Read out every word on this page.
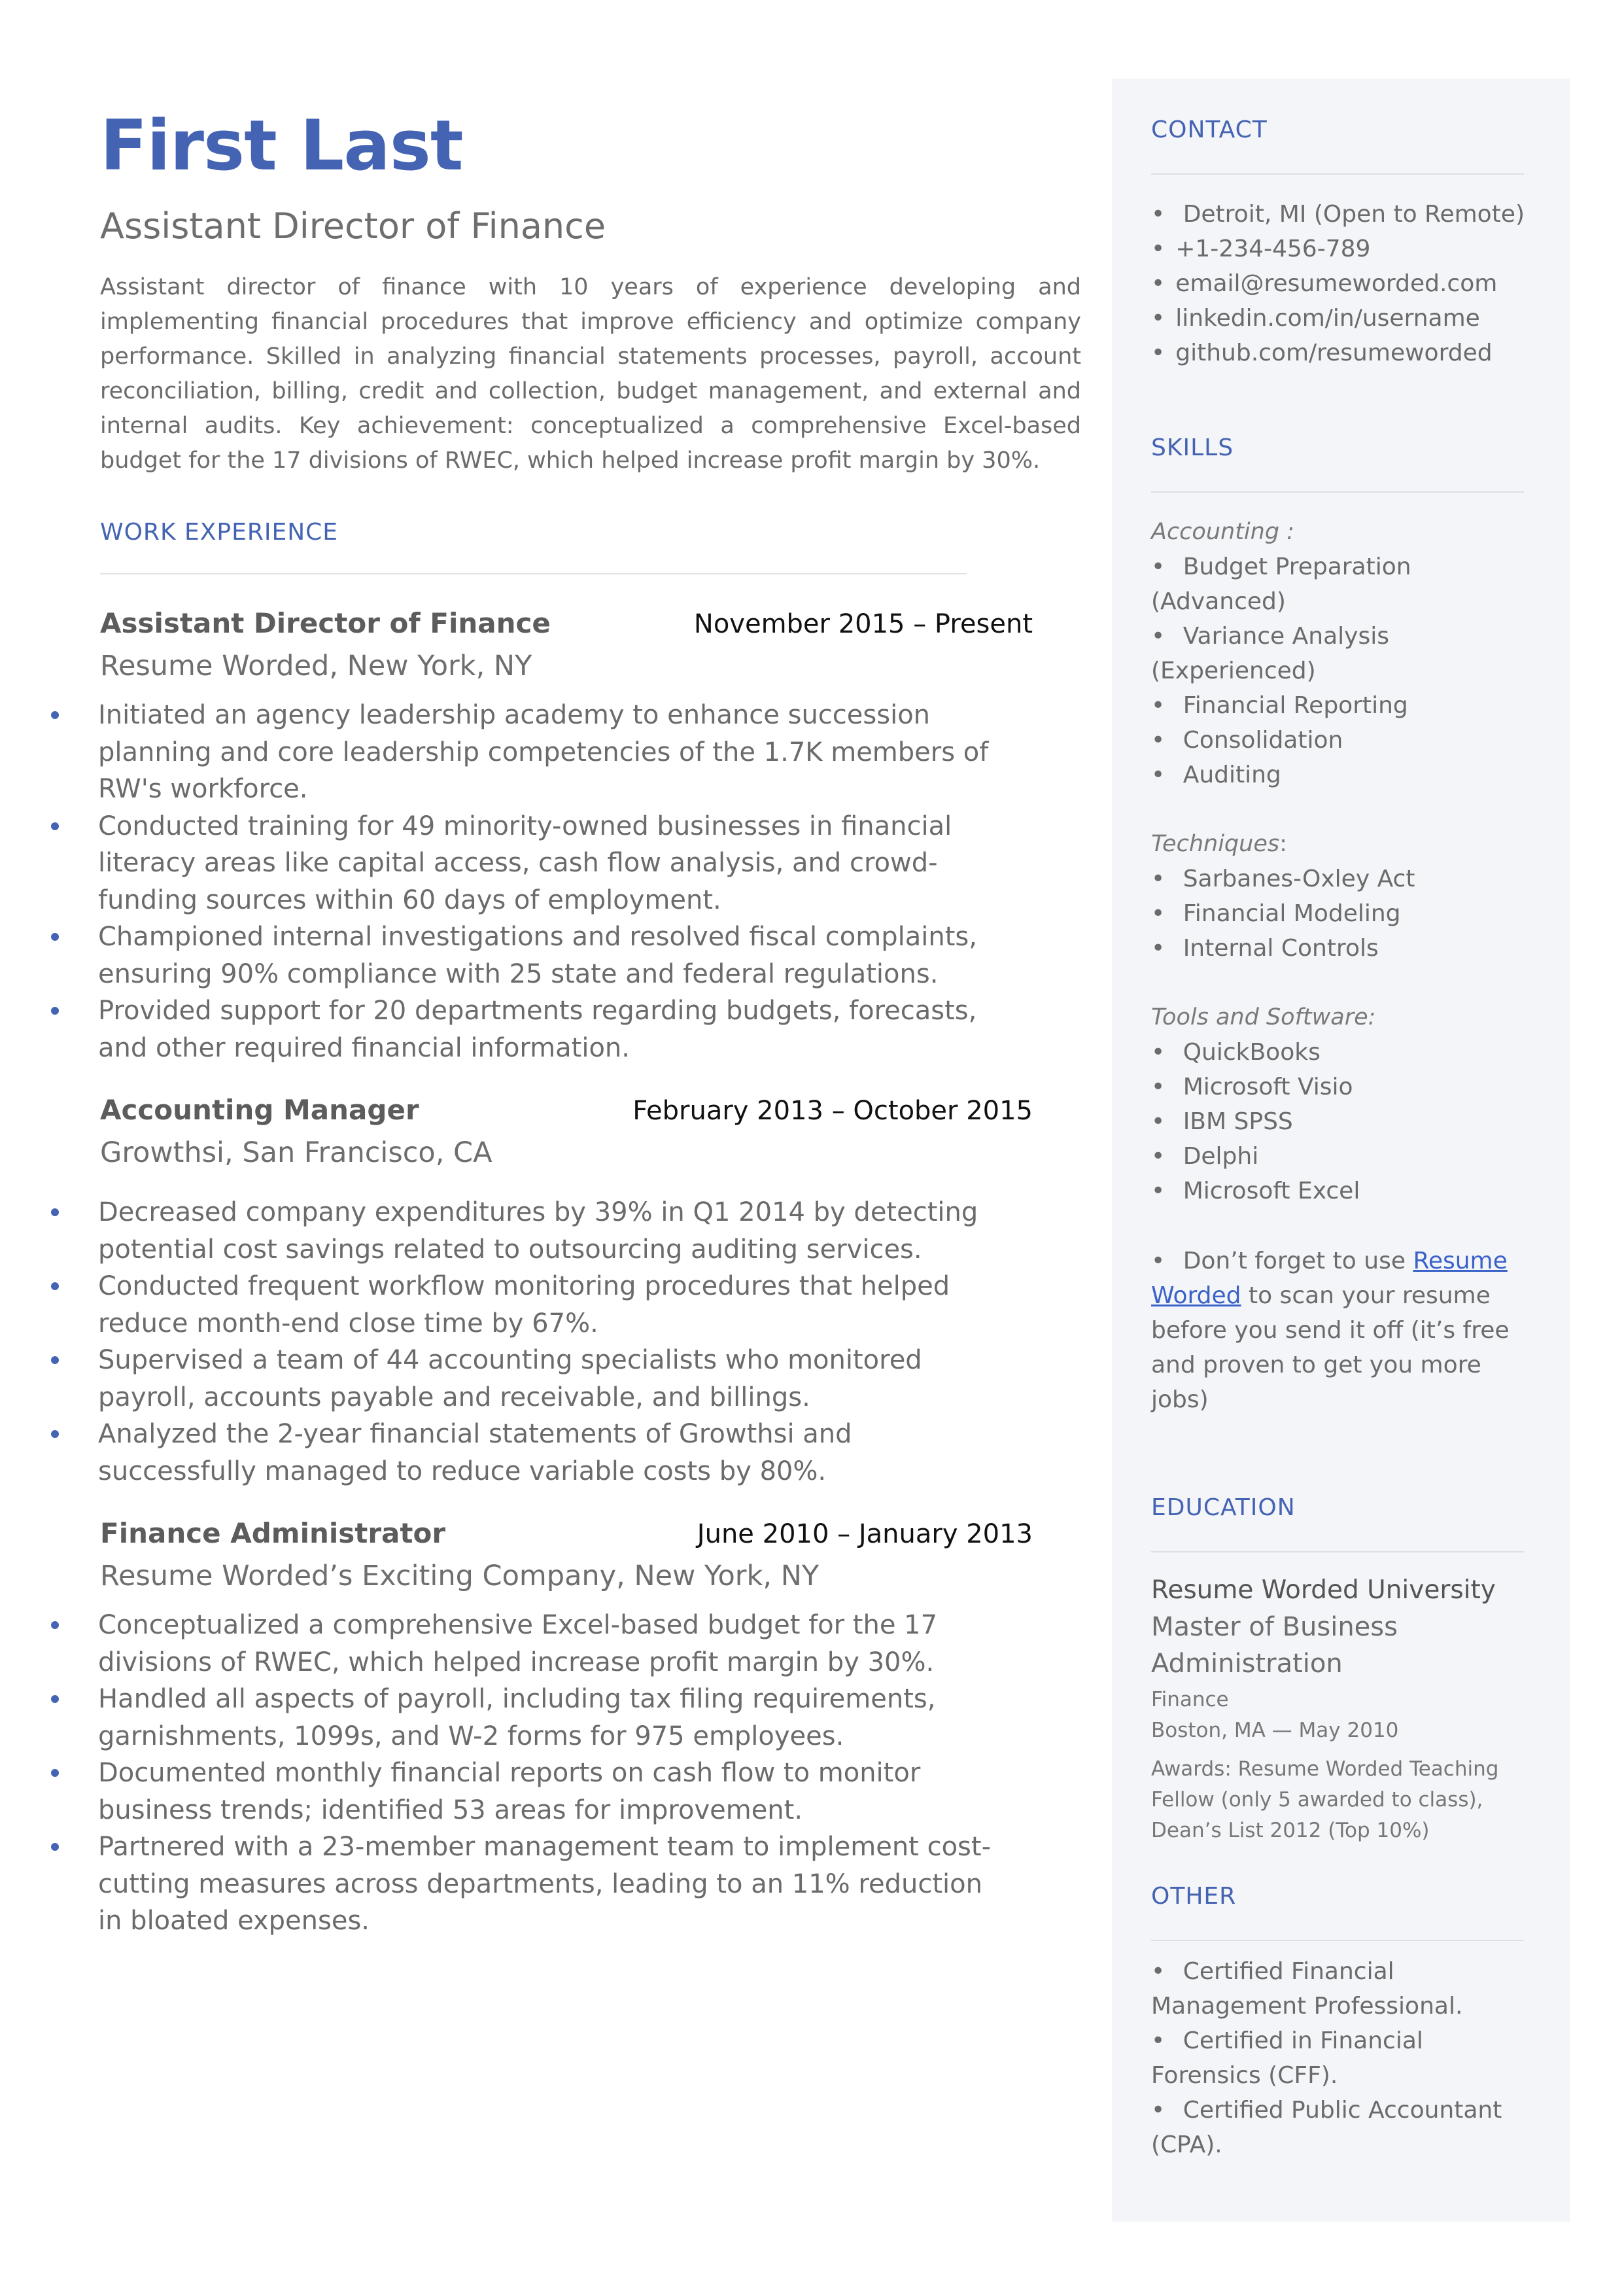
First Last
Assistant Director of Finance

Assistant director of finance with 10 years of experience developing and implementing financial procedures that improve efficiency and optimize company performance. Skilled in analyzing financial statements processes, payroll, account reconciliation, billing, credit and collection, budget management, and external and internal audits. Key achievement: conceptualized a comprehensive Excel-based budget for the 17 divisions of RWEC, which helped increase profit margin by 30%.

WORK EXPERIENCE
Assistant Director of Finance	November 2015 – Present
Resume Worded, New York, NY
Initiated an agency leadership academy to enhance succession planning and core leadership competencies of the 1.7K members of RW's workforce.
Conducted training for 49 minority-owned businesses in financial literacy areas like capital access, cash flow analysis, and crowd-funding sources within 60 days of employment.
Championed internal investigations and resolved fiscal complaints, ensuring 90% compliance with 25 state and federal regulations.
Provided support for 20 departments regarding budgets, forecasts, and other required financial information.
Accounting Manager	February 2013 – October 2015
Growthsi, San Francisco, CA
Decreased company expenditures by 39% in Q1 2014 by detecting potential cost savings related to outsourcing auditing services.
Conducted frequent workflow monitoring procedures that helped reduce month-end close time by 67%.
Supervised a team of 44 accounting specialists who monitored payroll, accounts payable and receivable, and billings.
Analyzed the 2-year financial statements of Growthsi and successfully managed to reduce variable costs by 80%.
Finance Administrator	June 2010 – January 2013
Resume Worded’s Exciting Company, New York, NY
Conceptualized a comprehensive Excel-based budget for the 17 divisions of RWEC, which helped increase profit margin by 30%.
Handled all aspects of payroll, including tax filing requirements, garnishments, 1099s, and W-2 forms for 975 employees.
Documented monthly financial reports on cash flow to monitor business trends; identified 53 areas for improvement.
Partnered with a 23-member management team to implement cost-cutting measures across departments, leading to an 11% reduction in bloated expenses.
CONTACT
• Detroit, MI (Open to Remote)
• +1-234-456-789
• email@resumeworded.com
• linkedin.com/in/username
• github.com/resumeworded
SKILLS
Accounting :
• Budget Preparation (Advanced)
• Variance Analysis (Experienced)
• Financial Reporting
• Consolidation
• Auditing
Techniques:
• Sarbanes-Oxley Act
• Financial Modeling
• Internal Controls
Tools and Software:
• QuickBooks
• Microsoft Visio
• IBM SPSS
• Delphi
• Microsoft Excel

• Don’t forget to use Resume Worded to scan your resume before you send it off (it’s free and proven to get you more jobs)

EDUCATION
Resume Worded University
Master of Business Administration
Finance
Boston, MA — May 2010
Awards: Resume Worded Teaching Fellow (only 5 awarded to class), Dean’s List 2012 (Top 10%)
OTHER
• Certified Financial Management Professional.
• Certified in Financial Forensics (CFF).
• Certified Public Accountant (CPA).
